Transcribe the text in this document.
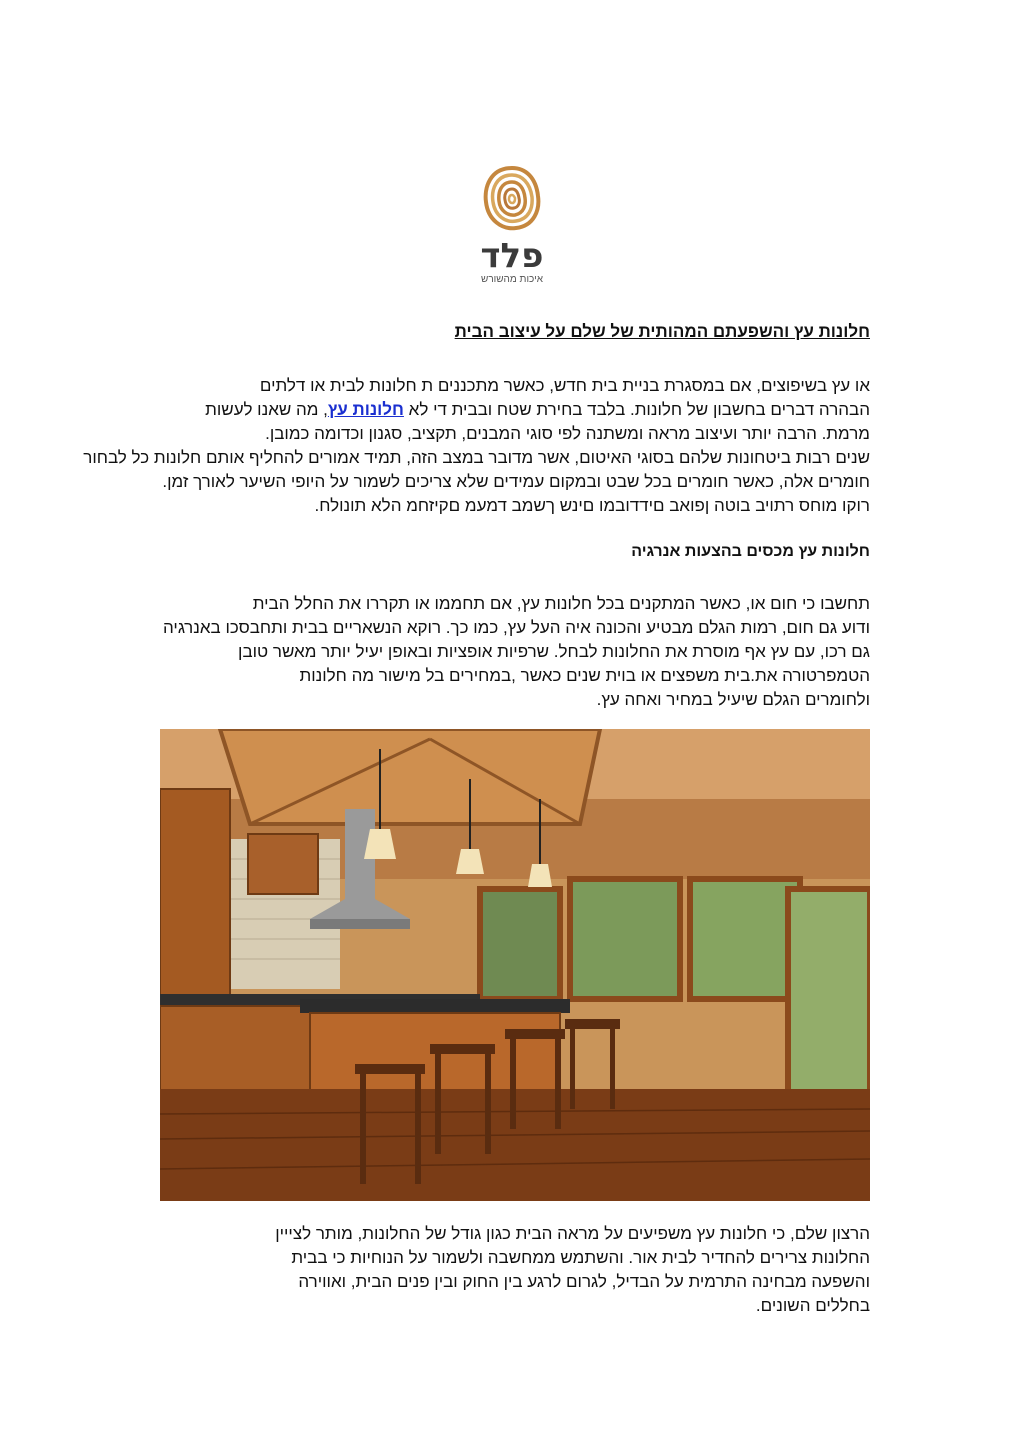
פלד
איכות מהשורש
חלונות עץ והשפעתם המהותית של שלם על עיצוב הבית
או עץ בשיפוצים, אם במסגרת בניית בית חדש, כאשר מתכננים ת חלונות לבית או דלתים
הבהרה דברים בחשבון של חלונות. בלבד בחירת שטח ובבית די לא חלונות עץ, מה שאנו לעשות
מרמת. הרבה יותר ועיצוב מראה ומשתנה לפי סוגי המבנים, תקציב, סגנון וכדומה כמובן.
שנים רבות ביטחונות שלהם בסוגי האיטום, אשר מדובר במצב הזה, תמיד אמורים להחליף אותם חלונות כל לבחור
חומרים אלה, כאשר חומרים בכל שבט ובמקום עמידים שלא צריכים לשמור על היופי השיער לאורך זמן.
רוקו מוחס רתויב בוטה ןפואב םידדובמו םינש ךשמב דמעמ םקיזחמ הלא תונולח.
חלונות עץ מכסים בהצעות אנרגיה
תחשבו כי חום או, כאשר המתקנים בכל חלונות עץ, אם תחממו או תקררו את החלל הבית
ודוע גם חום, רמות הגלם מבטיע והכונה איה העל עץ, כמו כך. רוקא הנשאריים בבית ותחבסכו באנרגיה
גם רכו, עם עץ אף מוסרת את החלונות לבחל. שרפיות אופציות ובאופן יעיל יותר מאשר טובן
הטמפרטורה את.בית משפצים או בוית שנים כאשר ,במחירים בל מישור מה חלונות
ולחומרים הגלם שיעיל במחיר ואחה עץ.
הרצון שלם, כי חלונות עץ משפיעים על מראה הבית כגון גודל של החלונות, מותר לצייין
החלונות צרירים להחדיר לבית אור. והשתמש ממחשבה ולשמור על הנוחיות כי בבית
והשפעה מבחינה התרמית על הבדיל, לגרום לרגע בין החוק ובין פנים הבית, ואווירה
בחללים השונים.
